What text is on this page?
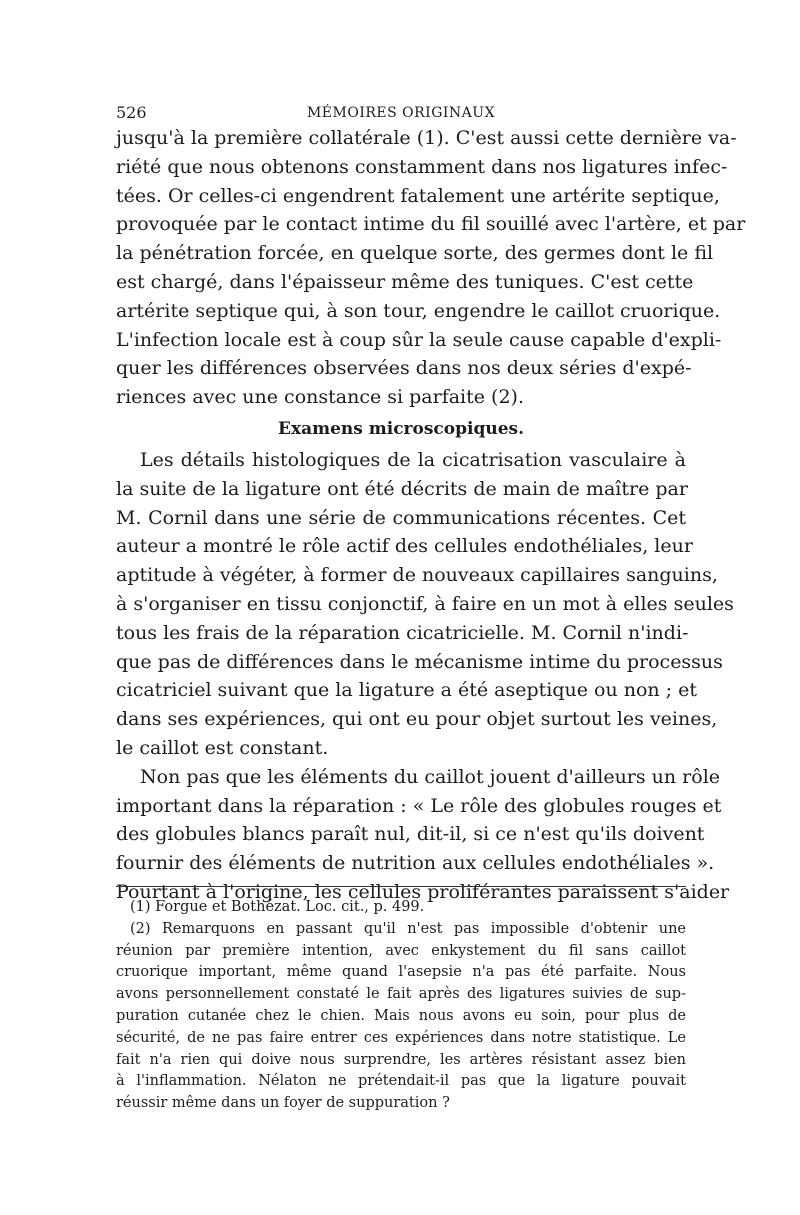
526	MÉMOIRES ORIGINAUX
jusqu'à la première collatérale (1). C'est aussi cette dernière va-
riété que nous obtenons constamment dans nos ligatures infec-
tées. Or celles-ci engendrent fatalement une artérite septique,
provoquée par le contact intime du fil souillé avec l'artère, et par
la pénétration forcée, en quelque sorte, des germes dont le fil
est chargé, dans l'épaisseur même des tuniques. C'est cette
artérite septique qui, à son tour, engendre le caillot cruorique.
L'infection locale est à coup sûr la seule cause capable d'expli-
quer les différences observées dans nos deux séries d'expé-
riences avec une constance si parfaite (2).
Examens microscopiques.
Les détails histologiques de la cicatrisation vasculaire à
la suite de la ligature ont été décrits de main de maître par
M. Cornil dans une série de communications récentes. Cet
auteur a montré le rôle actif des cellules endothéliales, leur
aptitude à végéter, à former de nouveaux capillaires sanguins,
à s'organiser en tissu conjonctif, à faire en un mot à elles seules
tous les frais de la réparation cicatricielle. M. Cornil n'indi-
que pas de différences dans le mécanisme intime du processus
cicatriciel suivant que la ligature a été aseptique ou non ; et
dans ses expériences, qui ont eu pour objet surtout les veines,
le caillot est constant.
Non pas que les éléments du caillot jouent d'ailleurs un rôle
important dans la réparation : « Le rôle des globules rouges et
des globules blancs paraît nul, dit-il, si ce n'est qu'ils doivent
fournir des éléments de nutrition aux cellules endothéliales ».
Pourtant à l'origine, les cellules proliférantes paraissent s'aider
(1) Forgue et Bothézat. Loc. cit., p. 499.
(2) Remarquons en passant qu'il n'est pas impossible d'obtenir une
réunion par première intention, avec enkystement du fil sans caillot
cruorique important, même quand l'asepsie n'a pas été parfaite. Nous
avons personnellement constaté le fait après des ligatures suivies de sup-
puration cutanée chez le chien. Mais nous avons eu soin, pour plus de
sécurité, de ne pas faire entrer ces expériences dans notre statistique. Le
fait n'a rien qui doive nous surprendre, les artères résistant assez bien
à l'inflammation. Nélaton ne prétendait-il pas que la ligature pouvait
réussir même dans un foyer de suppuration ?
